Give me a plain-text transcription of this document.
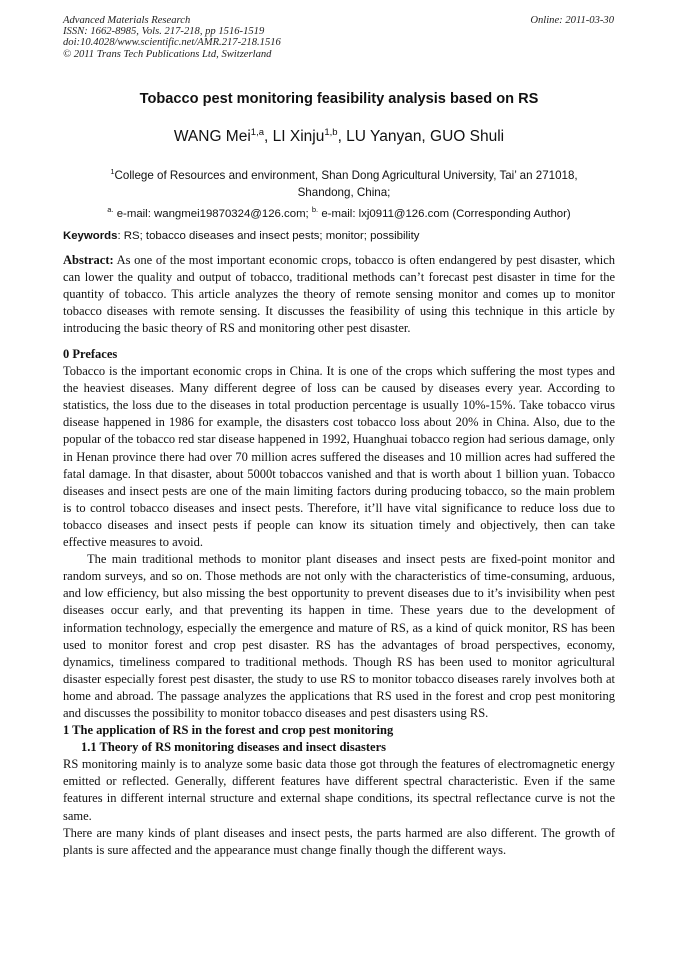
Advanced Materials Research
ISSN: 1662-8985, Vols. 217-218, pp 1516-1519
doi:10.4028/www.scientific.net/AMR.217-218.1516
© 2011 Trans Tech Publications Ltd, Switzerland
Online: 2011-03-30
Tobacco pest monitoring feasibility analysis based on RS
WANG Mei$^{1,a}$, LI Xinju$^{1,b}$, LU Yanyan, GUO Shuli
$^1$College of Resources and environment, Shan Dong Agricultural University, Tai’ an 271018, Shandong, China;
$^{a.}$ e-mail: wangmei19870324@126.com; $^{b.}$ e-mail: lxj0911@126.com (Corresponding Author)
Keywords: RS; tobacco diseases and insect pests; monitor; possibility

Abstract: As one of the most important economic crops, tobacco is often endangered by pest disaster, which can lower the quality and output of tobacco, traditional methods can’t forecast pest disaster in time for the quantity of tobacco. This article analyzes the theory of remote sensing monitor and comes up to monitor tobacco diseases with remote sensing. It discusses the feasibility of using this technique in this article by introducing the basic theory of RS and monitoring other pest disaster.

0 Prefaces

Tobacco is the important economic crops in China. It is one of the crops which suffering the most types and the heaviest diseases. Many different degree of loss can be caused by diseases every year. According to statistics, the loss due to the diseases in total production percentage is usually 10%-15%. Take tobacco virus disease happened in 1986 for example, the disasters cost tobacco loss about 20% in China. Also, due to the popular of the tobacco red star disease happened in 1992, Huanghuai tobacco region had serious damage, only in Henan province there had over 70 million acres suffered the diseases and 10 million acres had suffered the fatal damage. In that disaster, about 5000t tobaccos vanished and that is worth about 1 billion yuan. Tobacco diseases and insect pests are one of the main limiting factors during producing tobacco, so the main problem is to control tobacco diseases and insect pests. Therefore, it’ll have vital significance to reduce loss due to tobacco diseases and insect pests if people can know its situation timely and objectively, then can take effective measures to avoid.

The main traditional methods to monitor plant diseases and insect pests are fixed-point monitor and random surveys, and so on. Those methods are not only with the characteristics of time-consuming, arduous, and low efficiency, but also missing the best opportunity to prevent diseases due to it’s invisibility when pest diseases occur early, and that preventing its happen in time. These years due to the development of information technology, especially the emergence and mature of RS, as a kind of quick monitor, RS has been used to monitor forest and crop pest disaster. RS has the advantages of broad perspectives, economy, dynamics, timeliness compared to traditional methods. Though RS has been used to monitor agricultural disaster especially forest pest disaster, the study to use RS to monitor tobacco diseases rarely involves both at home and abroad. The passage analyzes the applications that RS used in the forest and crop pest monitoring and discusses the possibility to monitor tobacco diseases and pest disasters using RS.

1 The application of RS in the forest and crop pest monitoring

1.1 Theory of RS monitoring diseases and insect disasters

RS monitoring mainly is to analyze some basic data those got through the features of electromagnetic energy emitted or reflected. Generally, different features have different spectral characteristic. Even if the same features in different internal structure and external shape conditions, its spectral reflectance curve is not the same.

There are many kinds of plant diseases and insect pests, the parts harmed are also different. The growth of plants is sure affected and the appearance must change finally though the different ways.
